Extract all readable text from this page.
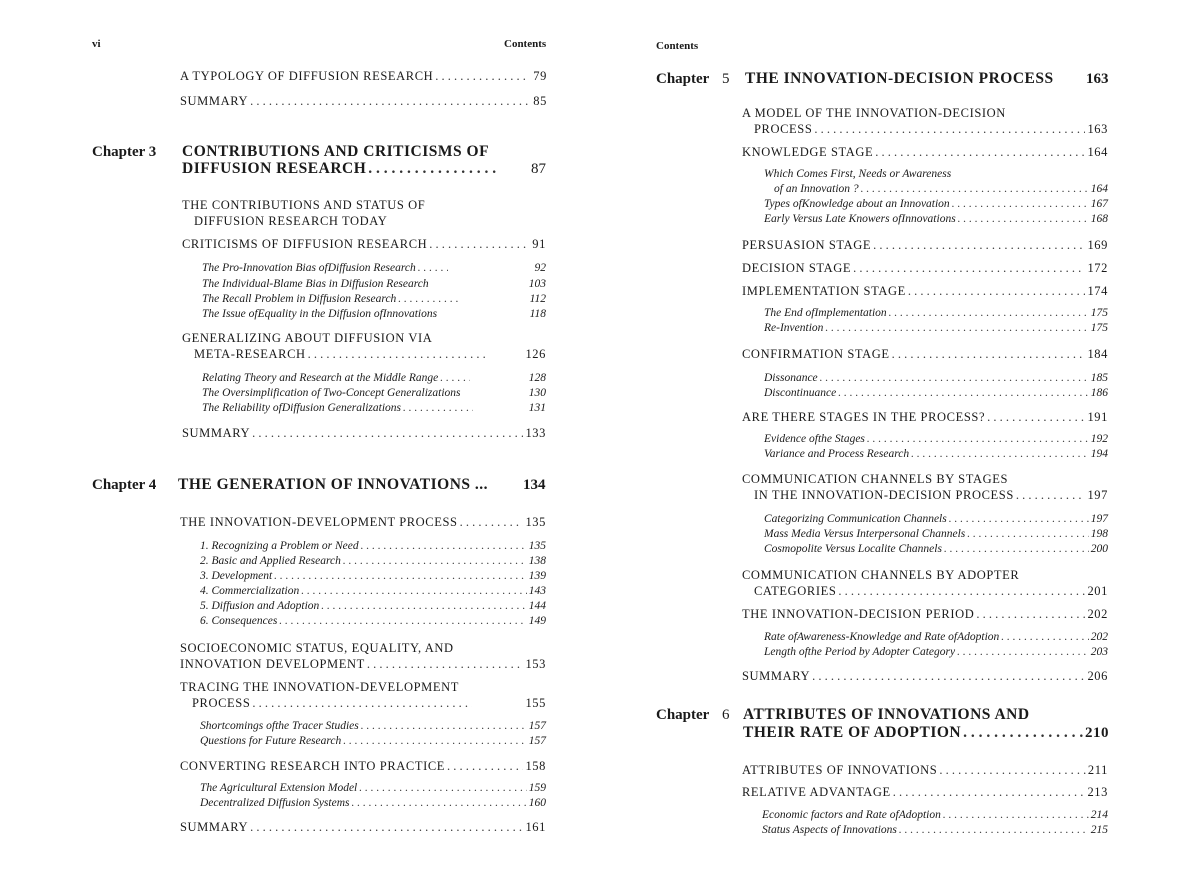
vi	Contents
A TYPOLOGY OF DIFFUSION RESEARCH . . .	79
SUMMARY . . .	85
Chapter 3 CONTRIBUTIONS AND CRITICISMS OF
DIFFUSION RESEARCH . . .	87
THE CONTRIBUTIONS AND STATUS OF
DIFFUSION RESEARCH TODAY
CRITICISMS OF DIFFUSION RESEARCH . . .	91
The Pro-Innovation Bias ofDiffusion Research . . .	92
The Individual-Blame Bias in Diffusion Research	103
The Recall Problem in Diffusion Research . . .	112
The Issue ofEquality in the Diffusion ofInnovations	118
GENERALIZING ABOUT DIFFUSION VIA
META-RESEARCH . . .	126
Relating Theory and Research at the Middle Range . . .	128
The Oversimplification of Two-Concept Generalizations	130
The Reliability ofDiffusion Generalizations . . .	131
SUMMARY . . .	133
Chapter 4 THE GENERATION OF INNOVATIONS ... 134
THE INNOVATION-DEVELOPMENT PROCESS . . .	135
1. Recognizing a Problem or Need . . .	135
2. Basic and Applied Research . . .	138
3. Development . . .	139
4. Commercialization . . .	143
5. Diffusion and Adoption . . .	144
6. Consequences . . .	149
SOCIOECONOMIC STATUS, EQUALITY, AND
INNOVATION DEVELOPMENT . . .	153
TRACING THE INNOVATION-DEVELOPMENT
PROCESS . . .	155
Shortcomings ofthe Tracer Studies . . .	157
Questions for Future Research . . .	157
CONVERTING RESEARCH INTO PRACTICE . . .	158
The Agricultural Extension Model . . .	159
Decentralized Diffusion Systems . . .	160
SUMMARY . . .	161
Contents
Chapter 5 THE INNOVATION-DECISION PROCESS 163
A MODEL OF THE INNOVATION-DECISION
PROCESS . . .	163
KNOWLEDGE STAGE . . .	164
Which Comes First, Needs or Awareness
of an Innovation ? . . .	164
Types ofKnowledge about an Innovation . . .	167
Early Versus Late Knowers ofInnovations . . .	168
PERSUASION STAGE . . .	169
DECISION STAGE . . .	172
IMPLEMENTATION STAGE . . .	174
The End ofImplementation . . .	175
Re-Invention . . .	175
CONFIRMATION STAGE . . .	184
Dissonance . . .	185
Discontinuance . . .	186
ARE THERE STAGES IN THE PROCESS? . . .	191
Evidence ofthe Stages . . .	192
Variance and Process Research . . .	194
COMMUNICATION CHANNELS BY STAGES
IN THE INNOVATION-DECISION PROCESS . . .	197
Categorizing Communication Channels . . .	197
Mass Media Versus Interpersonal Channels . . .	198
Cosmopolite Versus Localite Channels . . .	200
COMMUNICATION CHANNELS BY ADOPTER
CATEGORIES . . .	201
THE INNOVATION-DECISION PERIOD . . .	202
Rate ofAwareness-Knowledge and Rate ofAdoption . . .	202
Length ofthe Period by Adopter Category . . .	203
SUMMARY . . .	206
Chapter 6 ATTRIBUTES OF INNOVATIONS AND
THEIR RATE OF ADOPTION . . .	210
ATTRIBUTES OF INNOVATIONS . . .	211
RELATIVE ADVANTAGE . . .	213
Economic factors and Rate ofAdoption . . .	214
Status Aspects of Innovations . . .	215
